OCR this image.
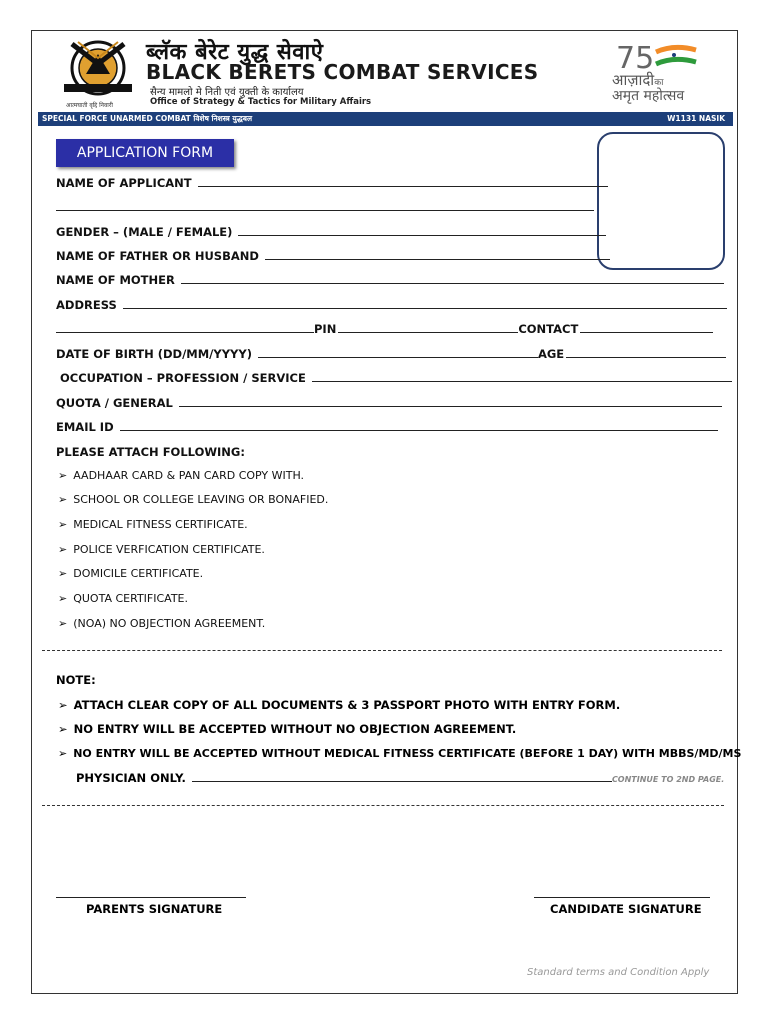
आत्मघाती वृद्दि निवारी
ब्लॅक बेरेट युद्ध सेवाऐ
BLACK BERETS COMBAT SERVICES
सैन्य मामलो मे निती एवं युक्ती के कार्यालय
Office of Strategy & Tactics for Military Affairs
75
आज़ादीका
अमृत महोत्सव
SPECIAL FORCE UNARMED COMBAT विशेष निशस्त्र युद्धबल	W1131 NASIK
APPLICATION FORM
NAME OF APPLICANT
GENDER – (MALE / FEMALE)
NAME OF FATHER OR HUSBAND
NAME OF MOTHER
ADDRESS
PIN	CONTACT
DATE OF BIRTH (DD/MM/YYYY)	AGE
OCCUPATION – PROFESSION / SERVICE
QUOTA / GENERAL
EMAIL ID
PLEASE ATTACH FOLLOWING:
➢ AADHAAR CARD & PAN CARD COPY WITH.
➢ SCHOOL OR COLLEGE LEAVING OR BONAFIED.
➢ MEDICAL FITNESS CERTIFICATE.
➢ POLICE VERFICATION CERTIFICATE.
➢ DOMICILE CERTIFICATE.
➢ QUOTA CERTIFICATE.
➢ (NOA) NO OBJECTION AGREEMENT.
NOTE:
➢ ATTACH CLEAR COPY OF ALL DOCUMENTS & 3 PASSPORT PHOTO WITH ENTRY FORM.
➢ NO ENTRY WILL BE ACCEPTED WITHOUT NO OBJECTION AGREEMENT.
➢ NO ENTRY WILL BE ACCEPTED WITHOUT MEDICAL FITNESS CERTIFICATE (BEFORE 1 DAY) WITH MBBS/MD/MS
PHYSICIAN ONLY.	CONTINUE TO 2ND PAGE.
PARENTS SIGNATURE	CANDIDATE SIGNATURE
Standard terms and Condition Apply
